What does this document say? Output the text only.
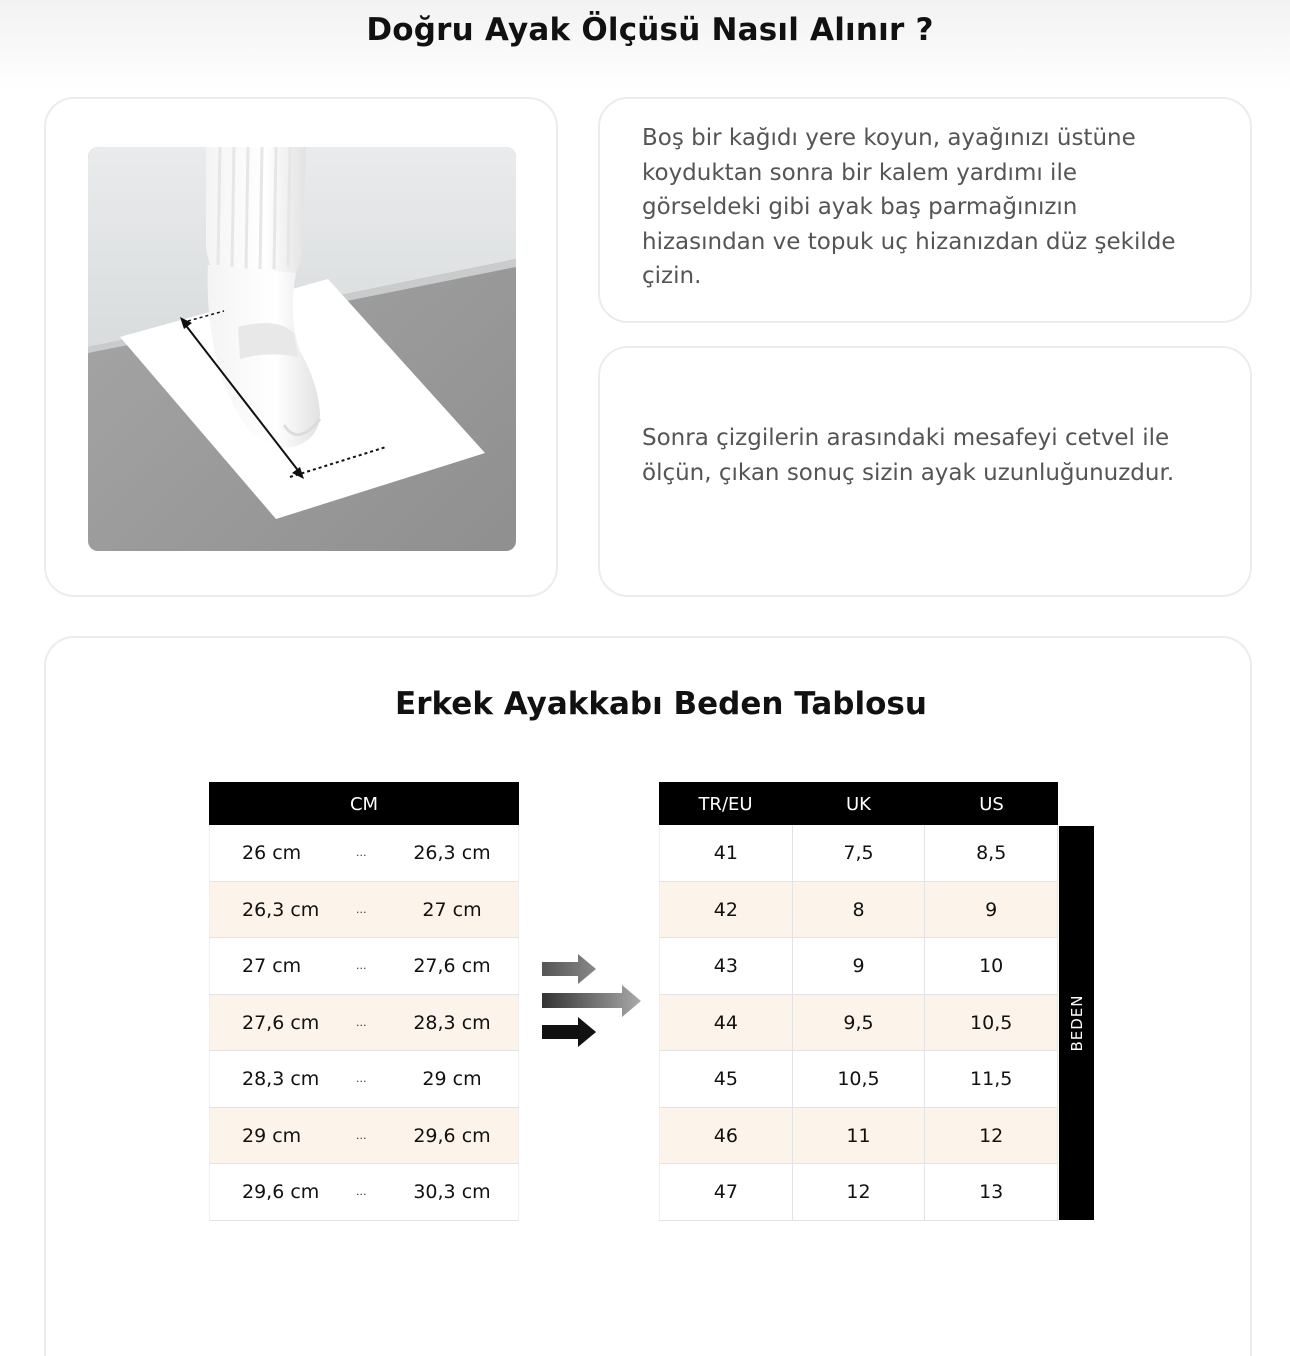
Doğru Ayak Ölçüsü Nasıl Alınır ?

Boş bir kağıdı yere koyun, ayağınızı üstüne koyduktan sonra bir kalem yardımı ile görseldeki gibi ayak baş parmağınızın hizasından ve topuk uç hizanızdan düz şekilde çizin.

Sonra çizgilerin arasındaki mesafeyi cetvel ile ölçün, çıkan sonuç sizin ayak uzunluğunuzdur.

Erkek Ayakkabı Beden Tablosu
CM
26 cm	...	26,3 cm
26,3 cm	...	27 cm
27 cm	...	27,6 cm
27,6 cm	...	28,3 cm
28,3 cm	...	29 cm
29 cm	...	29,6 cm
29,6 cm	...	30,3 cm
TR/EU	UK	US
41	7,5	8,5
42	8	9
43	9	10
44	9,5	10,5
45	10,5	11,5
46	11	12
47	12	13
BEDEN
